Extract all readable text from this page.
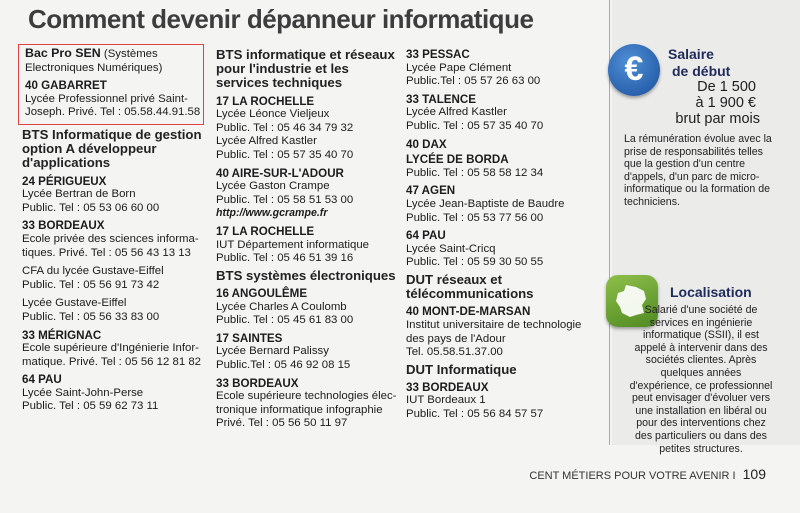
Comment devenir dépanneur informatique
Bac Pro SEN (Systèmes Electroniques Numériques)
40 GABARRET
Lycée Professionnel privé Saint-
Joseph. Privé. Tel : 05.58.44.91.58
BTS Informatique de gestion option A développeur d'applications
24 PÉRIGUEUX
Lycée Bertran de Born
Public. Tel : 05 53 06 60 00
33 BORDEAUX
Ecole privée des sciences informa-
tiques. Privé. Tel : 05 56 43 13 13
CFA du lycée Gustave-Eiffel
Public. Tel : 05 56 91 73 42
Lycée Gustave-Eiffel
Public. Tel : 05 56 33 83 00
33 MÉRIGNAC
Ecole supérieure d'Ingénierie Infor-
matique. Privé. Tel : 05 56 12 81 82
64 PAU
Lycée Saint-John-Perse
Public. Tel : 05 59 62 73 11
BTS informatique et réseaux pour l'industrie et les services techniques
17 LA ROCHELLE
Lycée Léonce Vieljeux
Public. Tel : 05 46 34 79 32
Lycée Alfred Kastler
Public. Tel : 05 57 35 40 70
40 AIRE-SUR-L'ADOUR
Lycée Gaston Crampe
Public. Tel : 05 58 51 53 00
http://www.gcrampe.fr
17 LA ROCHELLE
IUT Département informatique
Public. Tel : 05 46 51 39 16
BTS systèmes électroniques
16 ANGOULÊME
Lycée Charles A Coulomb
Public. Tel : 05 45 61 83 00
17 SAINTES
Lycée Bernard Palissy
Public.Tel : 05 46 92 08 15
33 BORDEAUX
Ecole supérieure technologies élec-
tronique informatique infographie
Privé. Tel : 05 56 50 11 97
33 PESSAC
Lycée Pape Clément
Public.Tel : 05 57 26 63 00
33 TALENCE
Lycée Alfred Kastler
Public. Tel : 05 57 35 40 70
40 DAX
LYCÉE DE BORDA
Public. Tel : 05 58 58 12 34
47 AGEN
Lycée Jean-Baptiste de Baudre
Public. Tel : 05 53 77 56 00
64 PAU
Lycée Saint-Cricq
Public. Tel : 05 59 30 50 55
DUT réseaux et télécommunications
40 MONT-DE-MARSAN
Institut universitaire de technologie
des pays de l'Adour
Tel. 05.58.51.37.00
DUT Informatique
33 BORDEAUX
IUT Bordeaux 1
Public. Tel : 05 56 84 57 57
€	Salaire
de début
De 1 500
à 1 900 €
brut par mois
La rémunération évolue avec la prise de responsabilités telles que la gestion d'un centre d'appels, d'un parc de micro-informatique ou la formation de techniciens.
Localisation
Salarié d'une société de services en ingénierie informatique (SSII), il est appelé à intervenir dans des sociétés clientes. Après quelques années d'expérience, ce professionnel peut envisager d'évoluer vers une installation en libéral ou pour des interventions chez des particuliers ou dans des petites structures.
CENT MÉTIERS POUR VOTRE AVENIR I 109
